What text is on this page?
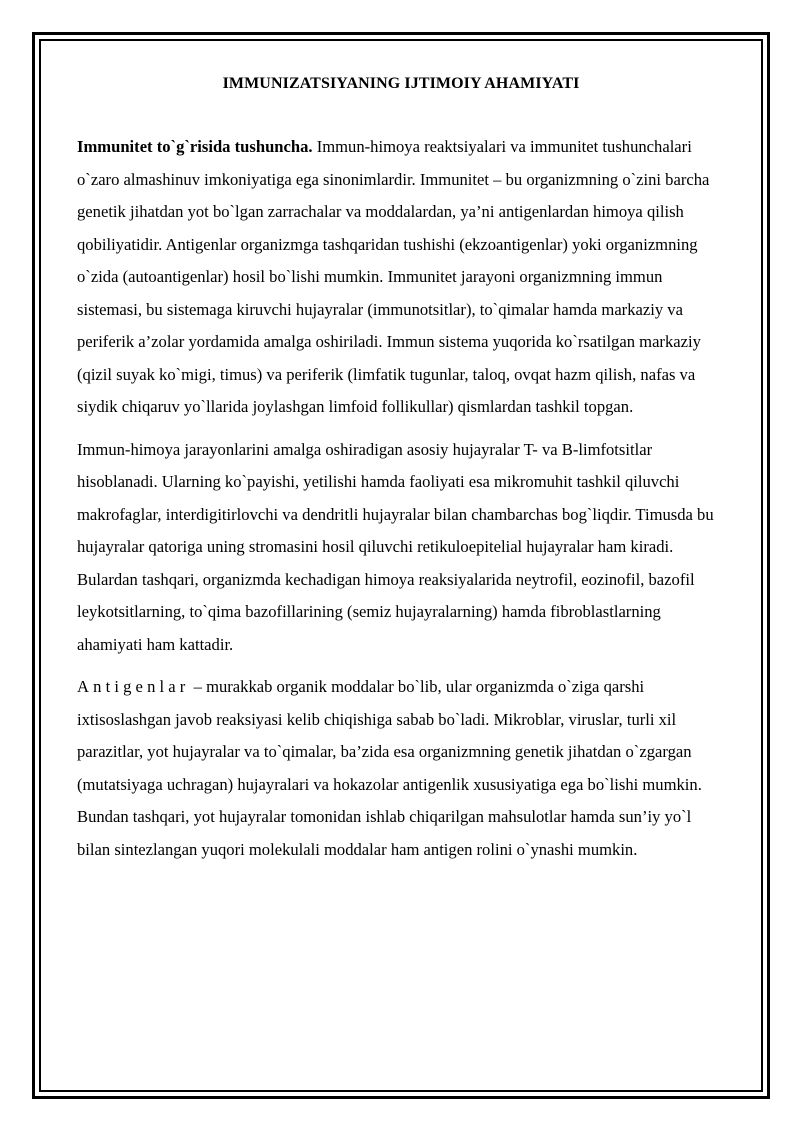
IMMUNIZATSIYANING IJTIMOIY AHAMIYATI

Immunitet to`g`risida tushuncha. Immun-himoya reaktsiyalari va immunitet tushunchalari o`zaro almashinuv imkoniyatiga ega sinonimlardir. Immunitet – bu organizmning o`zini barcha genetik jihatdan yot bo`lgan zarrachalar va moddalardan, ya’ni antigenlardan himoya qilish qobiliyatidir. Antigenlar organizmga tashqaridan tushishi (ekzoantigenlar) yoki organizmning o`zida (autoantigenlar) hosil bo`lishi mumkin. Immunitet jarayoni organizmning immun sistemasi, bu sistemaga kiruvchi hujayralar (immunotsitlar), to`qimalar hamda markaziy va periferik a’zolar yordamida amalga oshiriladi. Immun sistema yuqorida ko`rsatilgan markaziy (qizil suyak ko`migi, timus) va periferik (limfatik tugunlar, taloq, ovqat hazm qilish, nafas va siydik chiqaruv yo`llarida joylashgan limfoid follikullar) qismlardan tashkil topgan.

Immun-himoya jarayonlarini amalga oshiradigan asosiy hujayralar T- va B-limfotsitlar hisoblanadi. Ularning ko`payishi, yetilishi hamda faoliyati esa mikromuhit tashkil qiluvchi makrofaglar, interdigitirlovchi va dendritli hujayralar bilan chambarchas bog`liqdir. Timusda bu hujayralar qatoriga uning stromasini hosil qiluvchi retikuloepitelial hujayralar ham kiradi. Bulardan tashqari, organizmda kechadigan himoya reaksiyalarida neytrofil, eozinofil, bazofil leykotsitlarning, to`qima bazofillarining (semiz hujayralarning) hamda fibroblastlarning ahamiyati ham kattadir.

Antigenlar – murakkab organik moddalar bo`lib, ular organizmda o`ziga qarshi ixtisoslashgan javob reaksiyasi kelib chiqishiga sabab bo`ladi. Mikroblar, viruslar, turli xil parazitlar, yot hujayralar va to`qimalar, ba’zida esa organizmning genetik jihatdan o`zgargan (mutatsiyaga uchragan) hujayralari va hokazolar antigenlik xususiyatiga ega bo`lishi mumkin. Bundan tashqari, yot hujayralar tomonidan ishlab chiqarilgan mahsulotlar hamda sun’iy yo`l bilan sintezlangan yuqori molekulali moddalar ham antigen rolini o`ynashi mumkin.
